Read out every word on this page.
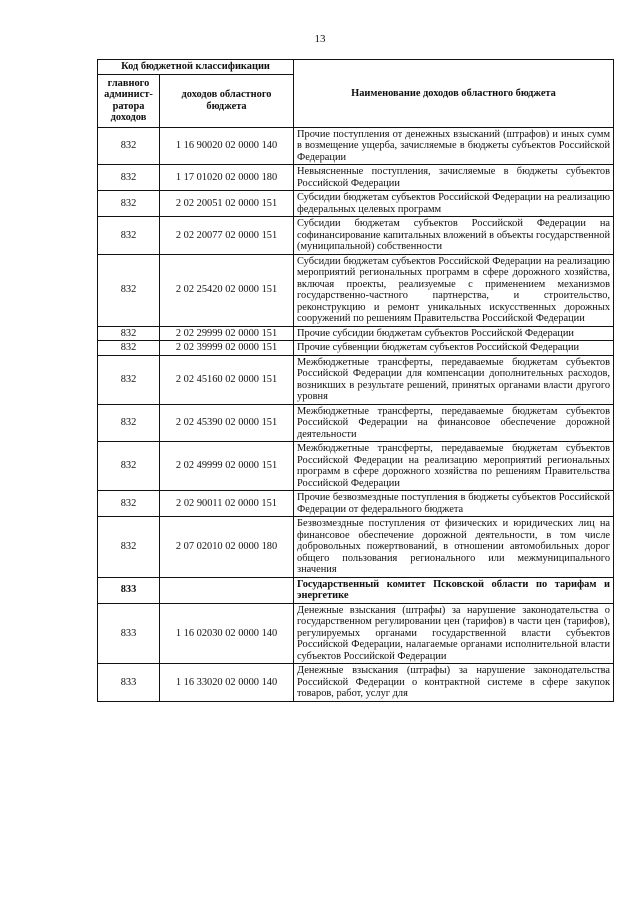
13
Код бюджетной классификации		Наименование доходов областного бюджета
главного админист-ратора доходов	доходов областного бюджета	
832	1 16 90020 02 0000 140	Прочие поступления от денежных взысканий (штрафов) и иных сумм в возмещение ущерба, зачисляемые в бюджеты субъектов Российской Федерации
832	1 17 01020 02 0000 180	Невыясненные поступления, зачисляемые в бюджеты субъектов Российской Федерации
832	2 02 20051 02 0000 151	Субсидии бюджетам субъектов Российской Федерации на реализацию федеральных целевых программ
832	2 02 20077 02 0000 151	Субсидии бюджетам субъектов Российской Федерации на софинансирование капитальных вложений в объекты государственной (муниципальной) собственности
832	2 02 25420 02 0000 151	Субсидии бюджетам субъектов Российской Федерации на реализацию мероприятий региональных программ в сфере дорожного хозяйства, включая проекты, реализуемые с применением механизмов государственно-частного партнерства, и строительство, реконструкцию и ремонт уникальных искусственных дорожных сооружений по решениям Правительства Российской Федерации
832	2 02 29999 02 0000 151	Прочие субсидии бюджетам субъектов Российской Федерации
832	2 02 39999 02 0000 151	Прочие субвенции бюджетам субъектов Российской Федерации
832	2 02 45160 02 0000 151	Межбюджетные трансферты, передаваемые бюджетам субъектов Российской Федерации для компенсации дополнительных расходов, возникших в результате решений, принятых органами власти другого уровня
832	2 02 45390 02 0000 151	Межбюджетные трансферты, передаваемые бюджетам субъектов Российской Федерации на финансовое обеспечение дорожной деятельности
832	2 02 49999 02 0000 151	Межбюджетные трансферты, передаваемые бюджетам субъектов Российской Федерации на реализацию мероприятий региональных программ в сфере дорожного хозяйства по решениям Правительства Российской Федерации
832	2 02 90011 02 0000 151	Прочие безвозмездные поступления в бюджеты субъектов Российской Федерации от федерального бюджета
832	2 07 02010 02 0000 180	Безвозмездные поступления от физических и юридических лиц на финансовое обеспечение дорожной деятельности, в том числе добровольных пожертвований, в отношении автомобильных дорог общего пользования регионального или межмуниципального значения
833		Государственный комитет Псковской области по тарифам и энергетике
833	1 16 02030 02 0000 140	Денежные взыскания (штрафы) за нарушение законодательства о государственном регулировании цен (тарифов) в части цен (тарифов), регулируемых органами государственной власти субъектов Российской Федерации, налагаемые органами исполнительной власти субъектов Российской Федерации
833	1 16 33020 02 0000 140	Денежные взыскания (штрафы) за нарушение законодательства Российской Федерации о контрактной системе в сфере закупок товаров, работ, услуг для
